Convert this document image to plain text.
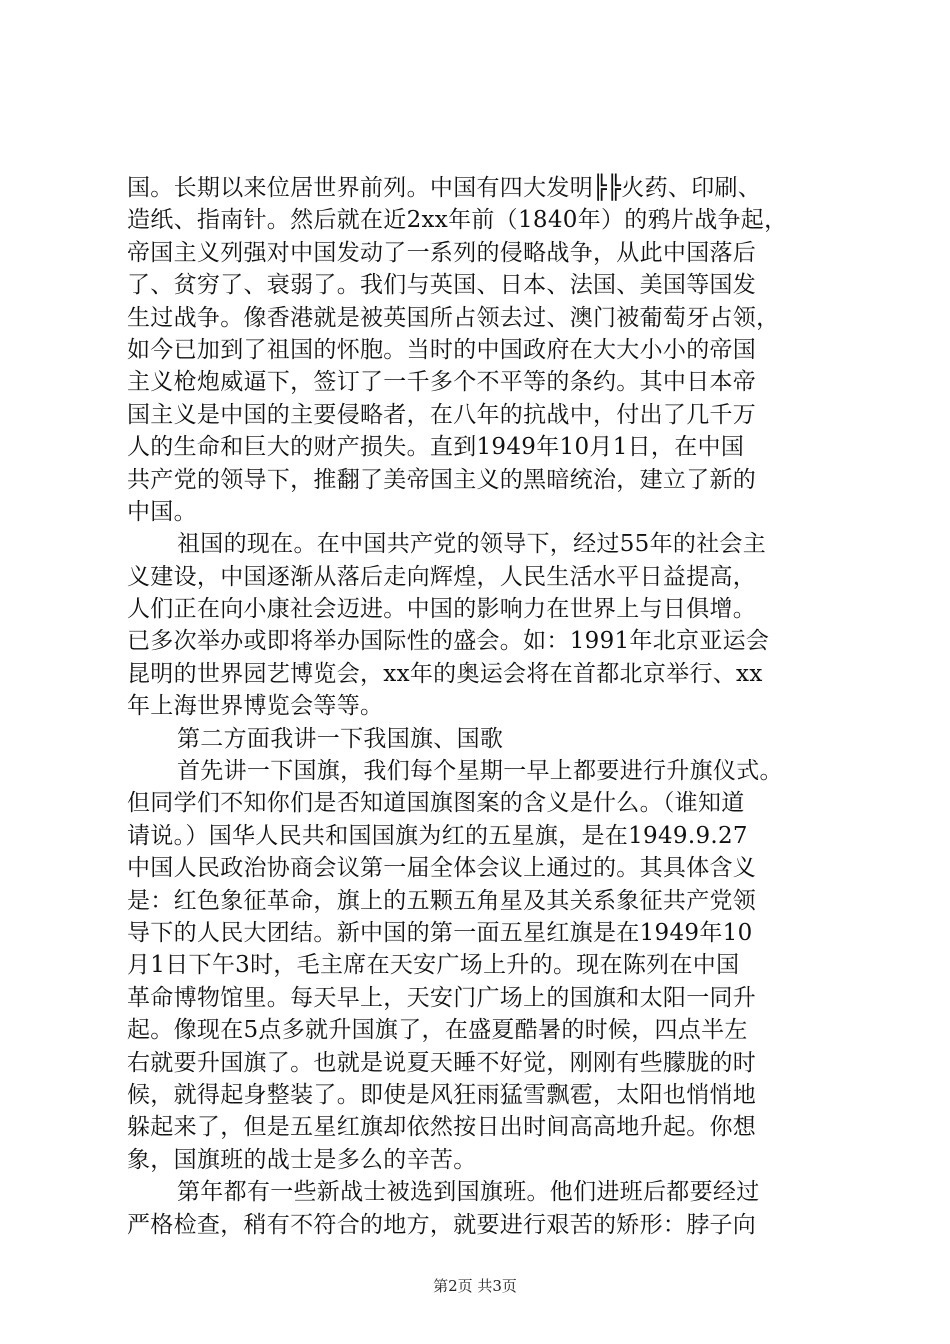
国。长期以来位居世界前列。中国有四大发明╠╠火药、印刷、
造纸、指南针。然后就在近2xx年前（1840年）的鸦片战争起，
帝国主义列强对中国发动了一系列的侵略战争，从此中国落后
了、贫穷了、衰弱了。我们与英国、日本、法国、美国等国发
生过战争。像香港就是被英国所占领去过、澳门被葡萄牙占领，
如今已加到了祖国的怀胞。当时的中国政府在大大小小的帝国
主义枪炮威逼下，签订了一千多个不平等的条约。其中日本帝
国主义是中国的主要侵略者，在八年的抗战中，付出了几千万
人的生命和巨大的财产损失。直到1949年10月1日，在中国
共产党的领导下，推翻了美帝国主义的黑暗统治，建立了新的
中国。
祖国的现在。在中国共产党的领导下，经过55年的社会主
义建设，中国逐渐从落后走向辉煌，人民生活水平日益提高，
人们正在向小康社会迈进。中国的影响力在世界上与日俱增。
已多次举办或即将举办国际性的盛会。如：1991年北京亚运会
昆明的世界园艺博览会，xx年的奥运会将在首都北京举行、xx
年上海世界博览会等等。
第二方面我讲一下我国旗、国歌
首先讲一下国旗，我们每个星期一早上都要进行升旗仪式。
但同学们不知你们是否知道国旗图案的含义是什么。（谁知道
请说。）国华人民共和国国旗为红的五星旗，是在1949.9.27
中国人民政治协商会议第一届全体会议上通过的。其具体含义
是：红色象征革命，旗上的五颗五角星及其关系象征共产党领
导下的人民大团结。新中国的第一面五星红旗是在1949年10
月1日下午3时，毛主席在天安广场上升的。现在陈列在中国
革命博物馆里。每天早上，天安门广场上的国旗和太阳一同升
起。像现在5点多就升国旗了，在盛夏酷暑的时候，四点半左
右就要升国旗了。也就是说夏天睡不好觉，刚刚有些朦胧的时
候，就得起身整装了。即使是风狂雨猛雪飘雹，太阳也悄悄地
躲起来了，但是五星红旗却依然按日出时间高高地升起。你想
象，国旗班的战士是多么的辛苦。
第年都有一些新战士被选到国旗班。他们进班后都要经过
严格检查，稍有不符合的地方，就要进行艰苦的矫形：脖子向
第2页 共3页
